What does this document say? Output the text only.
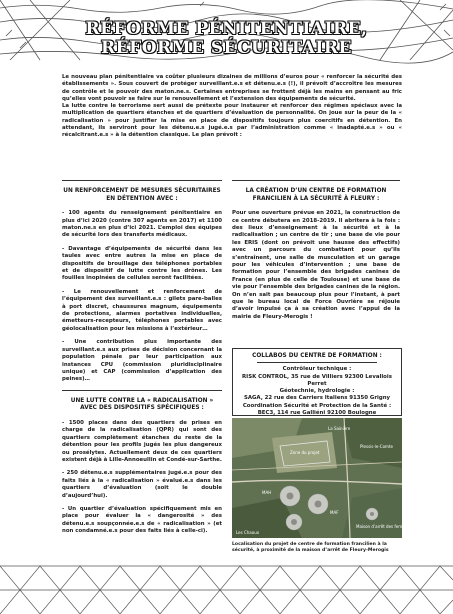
RÉFORME PÉNITENTIAIRE,
RÉFORME SÉCURITAIRE

Le nouveau plan pénitentiaire va coûter plusieurs dizaines de millions d’euros pour « renforcer la sécurité des établissements ». Sous couvert de protéger surveillant.e.s et détenu.e.s (!), il prévoit d’accroître les mesures de contrôle et le pouvoir des maton.ne.s. Certaines entreprises se frottent déjà les mains en pensant au fric qu’elles vont pouvoir se faire sur le renouvellement et l’extension des équipements de sécurité.

La lutte contre le terrorisme sert aussi de prétexte pour instaurer et renforcer des régimes spéciaux avec la multiplication de quartiers étanches et de quartiers d’évaluation de personnalité. On joue sur la peur de la « radicalisation » pour justifier la mise en place de dispositifs toujours plus coercitifs en détention. En attendant, ils serviront pour les détenu.e.s jugé.e.s par l’administration comme « inadapté.e.s » ou « récalcitrant.e.s » à la détention classique. Le plan prévoit :

UN RENFORCEMENT DE MESURES SÉCURITAIRES EN DÉTENTION AVEC :

- 100 agents du renseignement pénitentiaire en plus d’ici 2020 (contre 307 agents en 2017) et 1100 maton.ne.s en plus d’ici 2021. L’emploi des équipes de sécurité lors des transferts médicaux.

- Davantage d’équipements de sécurité dans les taules avec entre autres la mise en place de dispositifs de brouillage des téléphones portables et de dispositif de lutte contre les drônes. Les fouilles inopinées de cellules seront facilitées.

- Le renouvellement et renforcement de l’équipement des surveillant.e.s : gilets pare-balles à port discret, chaussures magnum, équipements de protections, alarmes portatives individuelles, émetteurs-recepteurs, téléphones portables avec géolocalisation pour les missions à l’extérieur…

- Une contribution plus importante des surveillant.e.s aux prises de décision concernant la population pénale par leur participation aux instances CPU (commission pluridisciplinaire unique) et CAP (commission d’application des peines)…

UNE LUTTE CONTRE LA « RADICALISATION » AVEC DES DISPOSITIFS SPÉCIFIQUES :

- 1500 places dans des quartiers de prises en charge de la radicalisation (QPR) qui sont des quartiers complètement étanches du reste de la détention pour les profils jugés les plus dangereux ou prosélytes. Actuellement deux de ces quartiers existent déjà à Lille-Annoeullin et Condé-sur-Sarthe.

- 250 détenu.e.s supplémentaires jugé.e.s pour des faits liés à la « radicalisation » évalué.e.s dans les quartiers d’évaluation (soit le double d’aujourd’hui).

- Un quartier d’évaluation spécifiquement mis en place pour évaluer la « dangerosité » des détenu.e.s soupçonnée.e.s de « radicalisation » (et non condamné.e.s pour des faits liés à celle-ci).

LA CRÉATION D’UN CENTRE DE FORMATION FRANCILIEN À LA SÉCURITÉ À FLEURY :

Pour une ouverture prévue en 2021, la construction de ce centre débutera en 2018-2019. Il abritera à la fois : des lieux d’enseignement à la sécurité et à la radicalisation ; un centre de tir ; une base de vie pour les ERIS (dont on prévoit une hausse des effectifs) avec un parcours du combattant pour qu’ils s’entraînent, une salle de musculation et un garage pour les véhicules d’intervention ; une base de formation pour l’ensemble des brigades canines de France (en plus de celle de Toulouse) et une base de vie pour l’ensemble des brigades canines de la région. On n’en sait pas beaucoup plus pour l’instant, à part que le bureau local de Force Ouvrière se réjouie d’avoir impulsé ça à sa création avec l’appui de la mairie de Fleury-Merogis !

COLLABOS DU CENTRE DE FORMATION :
Contrôleur technique :
RISK CONTROL, 35 rue de Villiers 92300 Levallois Perret
Géotechnie, hydrologie :
SAGA, 22 rue des Carriers Italiens 91350 Grigny
Coordination Sécurité et Protection de la Santé :
BEC3, 114 rue Galliéni 92100 Boulogne
La Sainière
Plessis-le-Comte
Zone du projet
MAH
MAF
Les Chaoux
Maison d’arrêt des femmes
Localisation du projet de centre de formation francilien à la sécurité, à proximité de la maison d’arrêt de Fleury-Merogis
